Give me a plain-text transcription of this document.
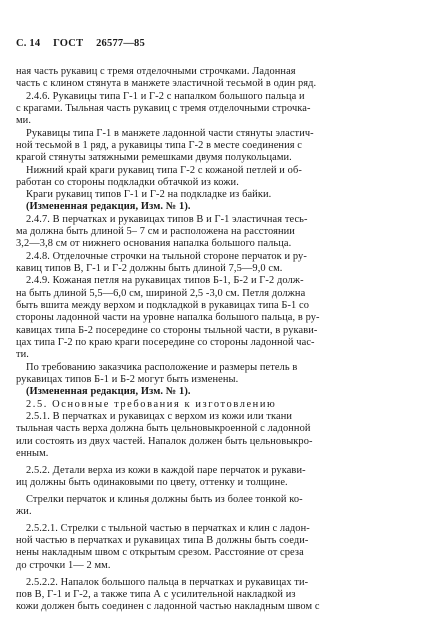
С. 14 ГОСТ 26577—85
ная часть рукавиц с тремя отделочными строчками. Ладонная
часть с клином стянута в манжете эластичной тесьмой в один ряд.
2.4.6. Рукавицы типа Г-1 и Г-2 с напалком большого пальца и
с крагами. Тыльная часть рукавиц с тремя отделочными строчка-
ми.
Рукавицы типа Г-1 в манжете ладонной части стянуты эластич-
ной тесьмой в 1 ряд, а рукавицы типа Г-2 в месте соединения с
крагой стянуты затяжными ремешками двумя полукольцами.
Нижний край краги рукавиц типа Г-2 с кожаной петлей и об-
работан со стороны подкладки обтачкой из кожи.
Краги рукавиц типов Г-1 и Г-2 на подкладке из байки.
(Измененная редакция, Изм. № 1).
2.4.7. В перчатках и рукавицах типов В и Г-1 эластичная тесь-
ма должна быть длиной 5– 7 см и расположена на расстоянии
3,2—3,8 см от нижнего основания напалка большого пальца.
2.4.8. Отделочные строчки на тыльной стороне перчаток и ру-
кавиц типов В, Г-1 и Г-2 должны быть длиной 7,5—9,0 см.
2.4.9. Кожаная петля на рукавицах типов Б-1, Б-2 и Г-2 долж-
на быть длиной 5,5—6,0 см, шириной 2,5 -3,0 см. Петля должна
быть вшита между верхом и подкладкой в рукавицах типа Б-1 со
стороны ладонной части на уровне напалка большого пальца, в ру-
кавицах типа Б-2 посередине со стороны тыльной части, в рукави-
цах типа Г-2 по краю краги посередине со стороны ладонной час-
ти.
По требованию заказчика расположение и размеры петель в
рукавицах типов Б-1 и Б-2 могут быть изменены.
(Измененная редакция, Изм. № 1).
2.5. Основные требования к изготовлению
2.5.1. В перчатках и рукавицах с верхом из кожи или ткани
тыльная часть верха должна быть цельновыкроенной с ладонной
или состоять из двух частей. Напалок должен быть цельновыкро-
енным.
2.5.2. Детали верха из кожи в каждой паре перчаток и рукави-
иц должны быть одинаковыми по цвету, оттенку и толщине.
Стрелки перчаток и клинья должны быть из более тонкой ко-
жи.
2.5.2.1. Стрелки с тыльной частью в перчатках и клин с ладон-
ной частью в перчатках и рукавицах типа В должны быть соеди-
нены накладным швом с открытым срезом. Расстояние от среза
до строчки 1— 2 мм.
2.5.2.2. Напалок большого пальца в перчатках и рукавицах ти-
пов В, Г-1 и Г-2, а также типа А с усилительной накладкой из
кожи должен быть соединен с ладонной частью накладным швом с
